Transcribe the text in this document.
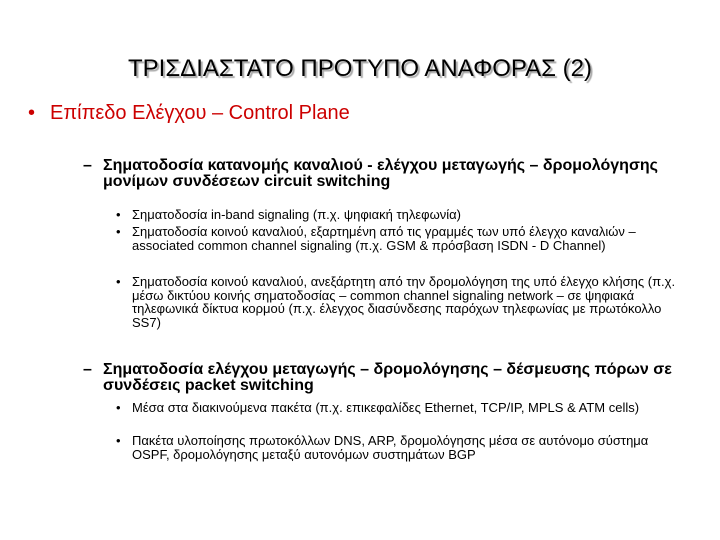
ΤΡΙΣΔΙΑΣΤΑΤΟ ΠΡΟΤΥΠΟ ΑΝΑΦΟΡΑΣ (2)
• Επίπεδο Ελέγχου – Control Plane
– Σηματοδοσία κατανομής καναλιού - ελέγχου μεταγωγής – δρομολόγησης μονίμων συνδέσεων circuit switching
• Σηματοδοσία in-band signaling (π.χ. ψηφιακή τηλεφωνία)
• Σηματοδοσία κοινού καναλιού, εξαρτημένη από τις γραμμές των υπό έλεγχο καναλιών – associated common channel signaling (π.χ. GSM & πρόσβαση ISDN - D Channel)
• Σηματοδοσία κοινού καναλιού, ανεξάρτητη από την δρομολόγηση της υπό έλεγχο κλήσης (π.χ. μέσω δικτύου κοινής σηματοδοσίας – common channel signaling network – σε ψηφιακά τηλεφωνικά δίκτυα κορμού (π.χ. έλεγχος διασύνδεσης παρόχων τηλεφωνίας με πρωτόκολλο SS7)
– Σηματοδοσία ελέγχου μεταγωγής – δρομολόγησης – δέσμευσης πόρων σε συνδέσεις packet switching
• Μέσα στα διακινούμενα πακέτα (π.χ. επικεφαλίδες Ethernet, TCP/IP, MPLS & ATM cells)
• Πακέτα υλοποίησης πρωτοκόλλων DNS, ARP, δρομολόγησης μέσα σε αυτόνομο σύστημα OSPF, δρομολόγησης μεταξύ αυτονόμων συστημάτων BGP
